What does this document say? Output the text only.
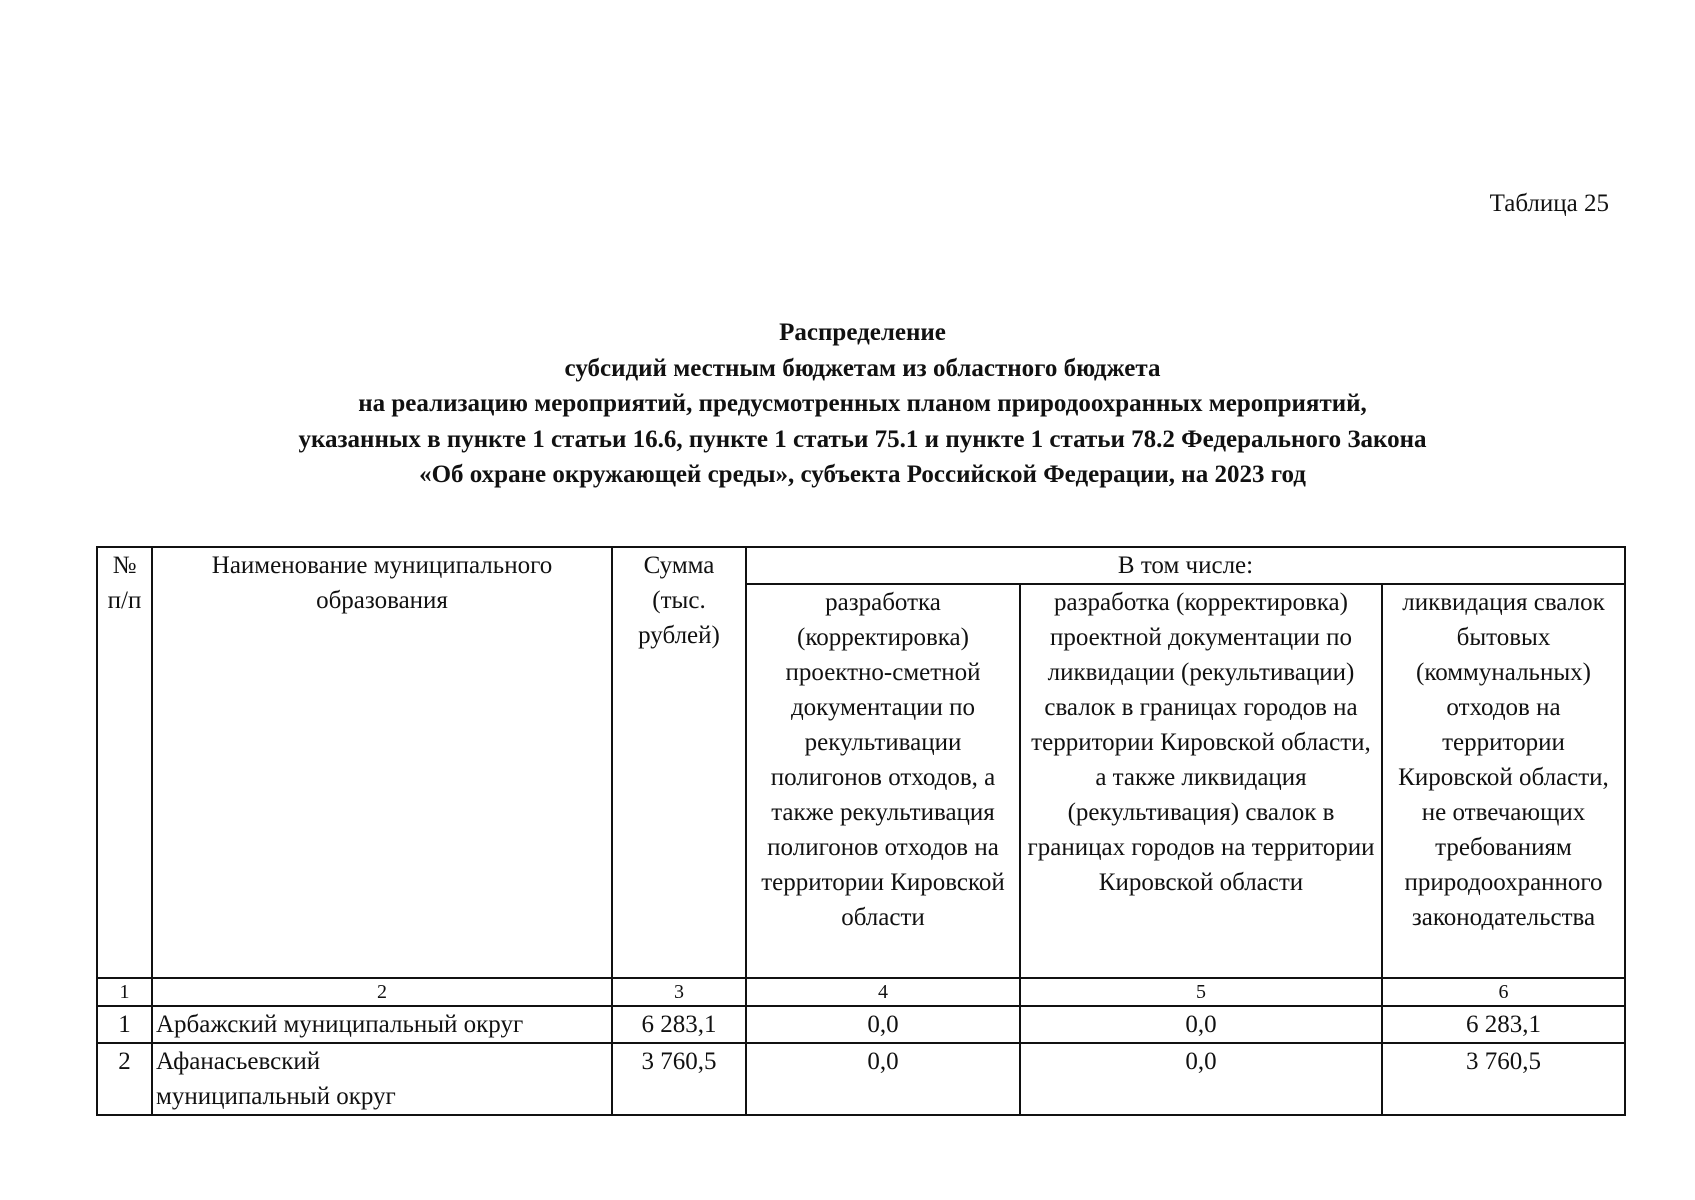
Таблица 25
Распределение
субсидий местным бюджетам из областного бюджета
на реализацию мероприятий, предусмотренных планом природоохранных мероприятий,
указанных в пункте 1 статьи 16.6, пункте 1 статьи 75.1 и пункте 1 статьи 78.2 Федерального Закона
«Об охране окружающей среды», субъекта Российской Федерации, на 2023 год
№ п/п	Наименование муниципального образования	Сумма (тыс. рублей)	В том числе:		
			разработка (корректировка) проектно-сметной документации по рекультивации полигонов отходов, а также рекультивация полигонов отходов на территории Кировской области	разработка (корректировка) проектной документации по ликвидации (рекультивации) свалок в границах городов на территории Кировской области, а также ликвидация (рекультивация) свалок в границах городов на территории Кировской области	ликвидация свалок бытовых (коммунальных) отходов на территории Кировской области, не отвечающих требованиям природоохранного законодательства
1	2	3	4	5	6
1	Арбажский муниципальный округ	6 283,1	0,0	0,0	6 283,1
2	Афанасьевский муниципальный округ	3 760,5	0,0	0,0	3 760,5
